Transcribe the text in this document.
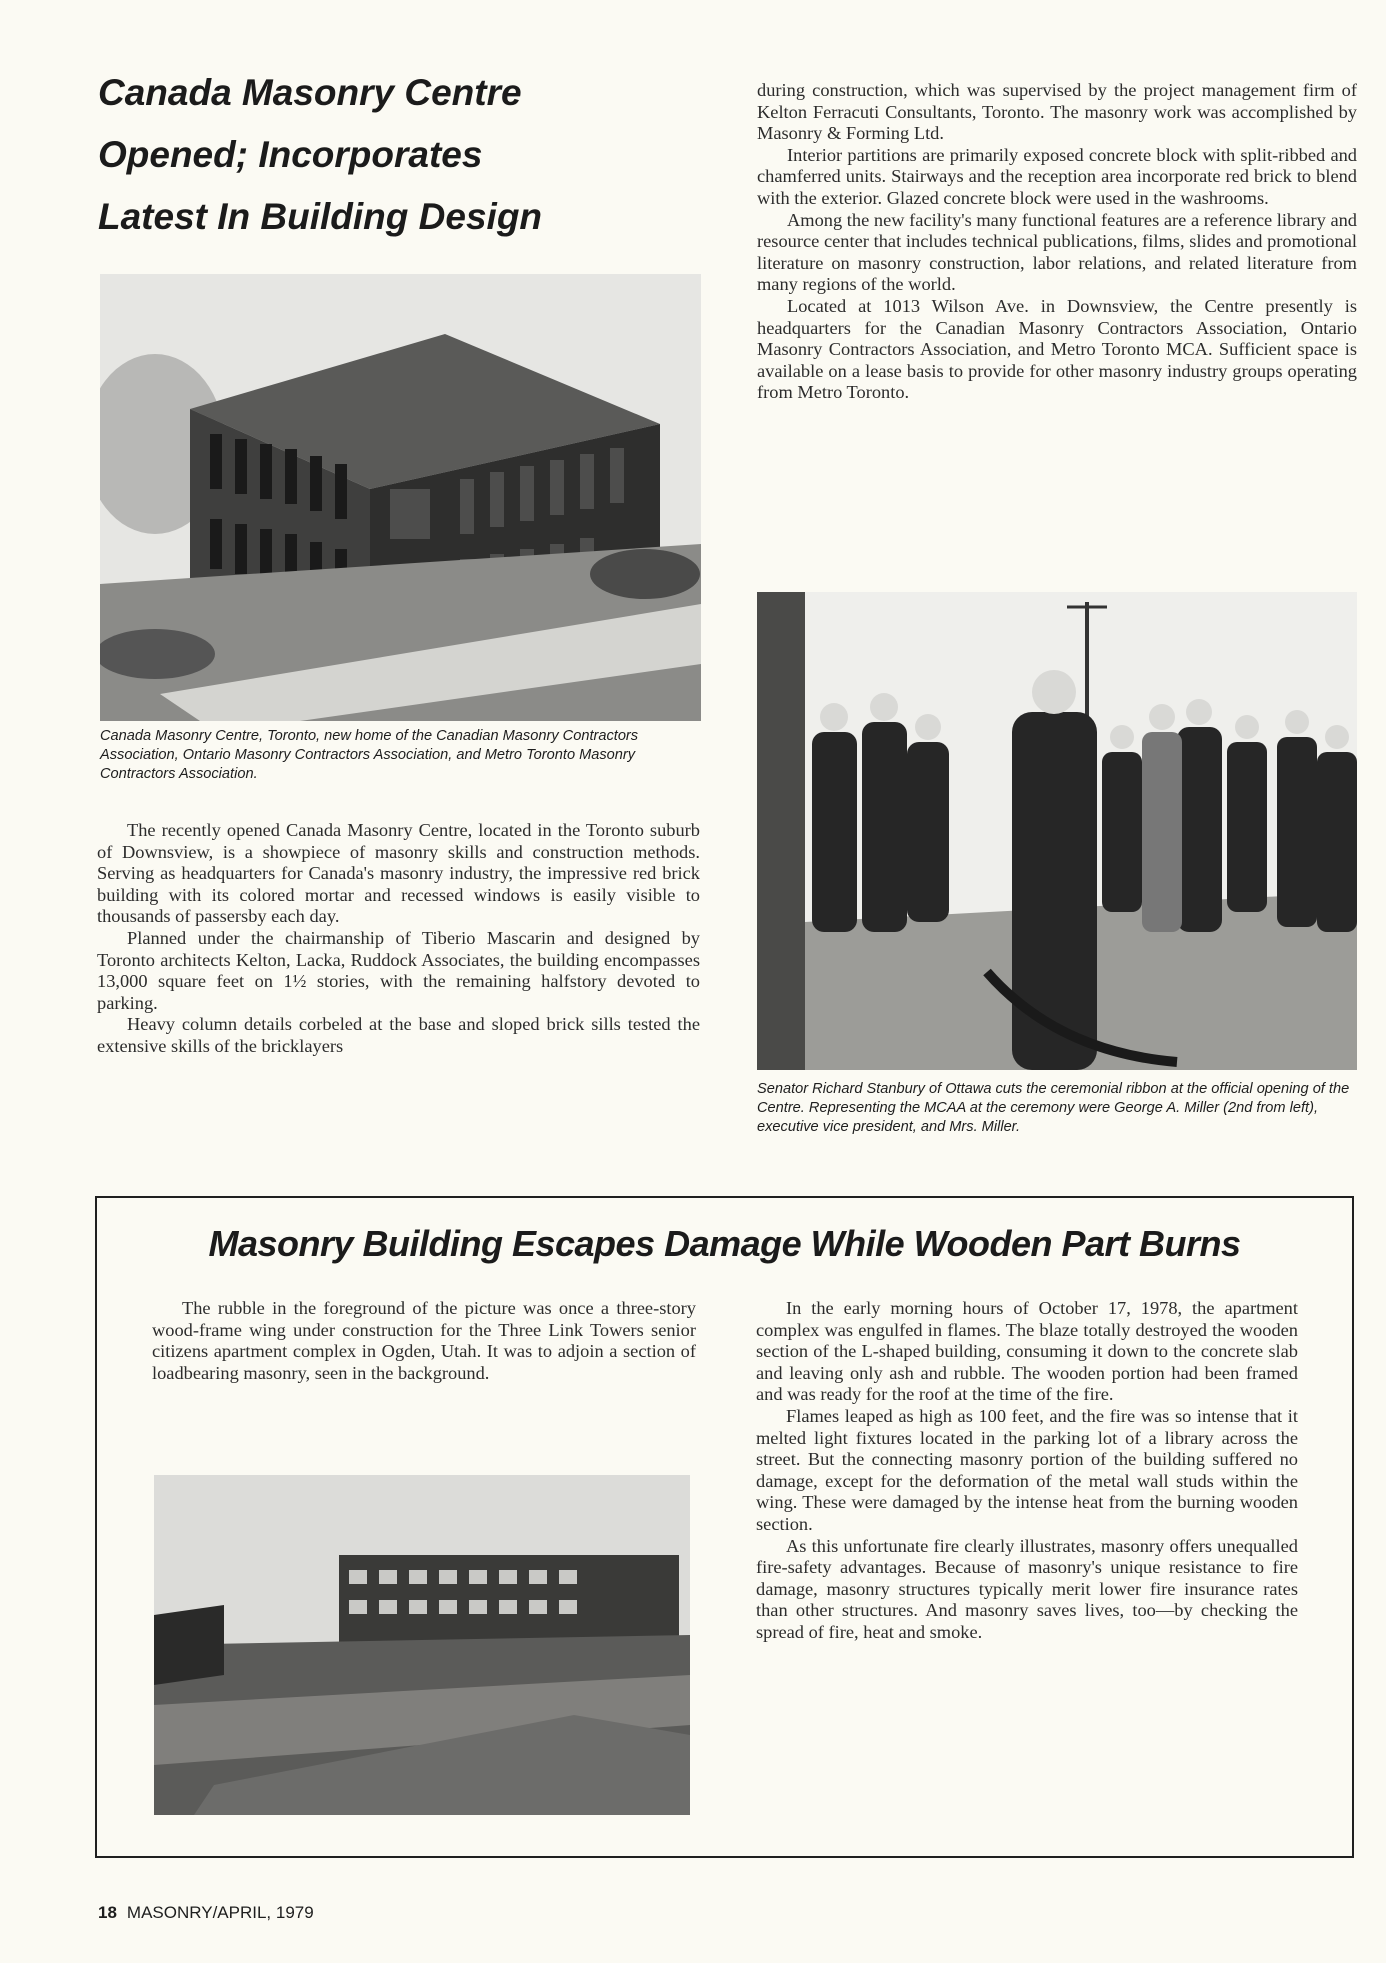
Canada Masonry Centre
Opened; Incorporates
Latest In Building Design
Canada Masonry Centre, Toronto, new home of the Canadian Masonry Contractors Association, Ontario Masonry Contractors Association, and Metro Toronto Masonry Contractors Association.

The recently opened Canada Masonry Centre, located in the Toronto suburb of Downsview, is a showpiece of masonry skills and construction methods. Serving as headquarters for Canada's masonry industry, the impressive red brick building with its colored mortar and recessed windows is easily visible to thousands of passersby each day.

Planned under the chairmanship of Tiberio Mascarin and designed by Toronto architects Kelton, Lacka, Ruddock Associates, the building encompasses 13,000 square feet on 1½ stories, with the remaining halfstory devoted to parking.

Heavy column details corbeled at the base and sloped brick sills tested the extensive skills of the bricklayers

during construction, which was supervised by the project management firm of Kelton Ferracuti Consultants, Toronto. The masonry work was accomplished by Masonry & Forming Ltd.

Interior partitions are primarily exposed concrete block with split-ribbed and chamferred units. Stairways and the reception area incorporate red brick to blend with the exterior. Glazed concrete block were used in the washrooms.

Among the new facility's many functional features are a reference library and resource center that includes technical publications, films, slides and promotional literature on masonry construction, labor relations, and related literature from many regions of the world.

Located at 1013 Wilson Ave. in Downsview, the Centre presently is headquarters for the Canadian Masonry Contractors Association, Ontario Masonry Contractors Association, and Metro Toronto MCA. Sufficient space is available on a lease basis to provide for other masonry industry groups operating from Metro Toronto.

Senator Richard Stanbury of Ottawa cuts the ceremonial ribbon at the official opening of the Centre. Representing the MCAA at the ceremony were George A. Miller (2nd from left), executive vice president, and Mrs. Miller.
Masonry Building Escapes Damage While Wooden Part Burns

The rubble in the foreground of the picture was once a three-story wood-frame wing under construction for the Three Link Towers senior citizens apartment complex in Ogden, Utah. It was to adjoin a section of loadbearing masonry, seen in the background.

In the early morning hours of October 17, 1978, the apartment complex was engulfed in flames. The blaze totally destroyed the wooden section of the L-shaped building, consuming it down to the concrete slab and leaving only ash and rubble. The wooden portion had been framed and was ready for the roof at the time of the fire.

Flames leaped as high as 100 feet, and the fire was so intense that it melted light fixtures located in the parking lot of a library across the street. But the connecting masonry portion of the building suffered no damage, except for the deformation of the metal wall studs within the wing. These were damaged by the intense heat from the burning wooden section.

As this unfortunate fire clearly illustrates, masonry offers unequalled fire-safety advantages. Because of masonry's unique resistance to fire damage, masonry structures typically merit lower fire insurance rates than other structures. And masonry saves lives, too—by checking the spread of fire, heat and smoke.

18 MASONRY/APRIL, 1979
